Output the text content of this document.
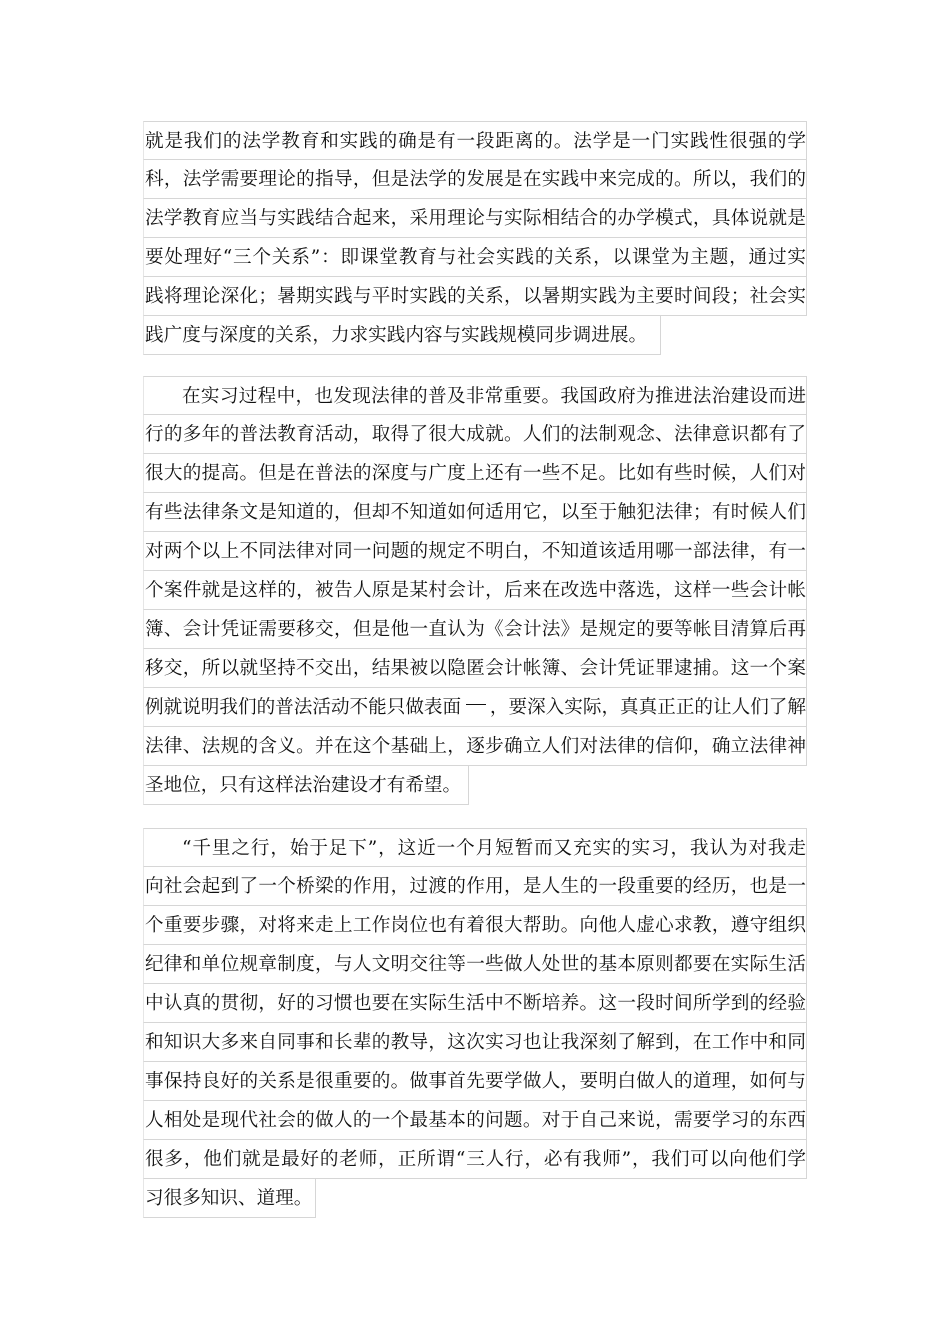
就是我们的法学教育和实践的确是有一段距离的。法学是一门实践性很强的学
科，法学需要理论的指导，但是法学的发展是在实践中来完成的。所以，我们的
法学教育应当与实践结合起来，采用理论与实际相结合的办学模式，具体说就是
要处理好“三个关系”：即课堂教育与社会实践的关系，以课堂为主题，通过实
践将理论深化；暑期实践与平时实践的关系，以暑期实践为主要时间段；社会实
践广度与深度的关系，力求实践内容与实践规模同步调进展。
在实习过程中，也发现法律的普及非常重要。我国政府为推进法治建设而进
行的多年的普法教育活动，取得了很大成就。人们的法制观念、法律意识都有了
很大的提高。但是在普法的深度与广度上还有一些不足。比如有些时候，人们对
有些法律条文是知道的，但却不知道如何适用它，以至于触犯法律；有时候人们
对两个以上不同法律对同一问题的规定不明白，不知道该适用哪一部法律，有一
个案件就是这样的，被告人原是某村会计，后来在改选中落选，这样一些会计帐
簿、会计凭证需要移交，但是他一直认为《会计法》是规定的要等帐目清算后再
移交，所以就坚持不交出，结果被以隐匿会计帐簿、会计凭证罪逮捕。这一个案
例就说明我们的普法活动不能只做表面 ，要深入实际，真真正正的让人们了解
法律、法规的含义。并在这个基础上，逐步确立人们对法律的信仰，确立法律神
圣地位，只有这样法治建设才有希望。
“千里之行，始于足下”，这近一个月短暂而又充实的实习，我认为对我走
向社会起到了一个桥梁的作用，过渡的作用，是人生的一段重要的经历，也是一
个重要步骤，对将来走上工作岗位也有着很大帮助。向他人虚心求教，遵守组织
纪律和单位规章制度，与人文明交往等一些做人处世的基本原则都要在实际生活
中认真的贯彻，好的习惯也要在实际生活中不断培养。这一段时间所学到的经验
和知识大多来自同事和长辈的教导，这次实习也让我深刻了解到，在工作中和同
事保持良好的关系是很重要的。做事首先要学做人，要明白做人的道理，如何与
人相处是现代社会的做人的一个最基本的问题。对于自己来说，需要学习的东西
很多，他们就是最好的老师，正所谓“三人行，必有我师”，我们可以向他们学
习很多知识、道理。
